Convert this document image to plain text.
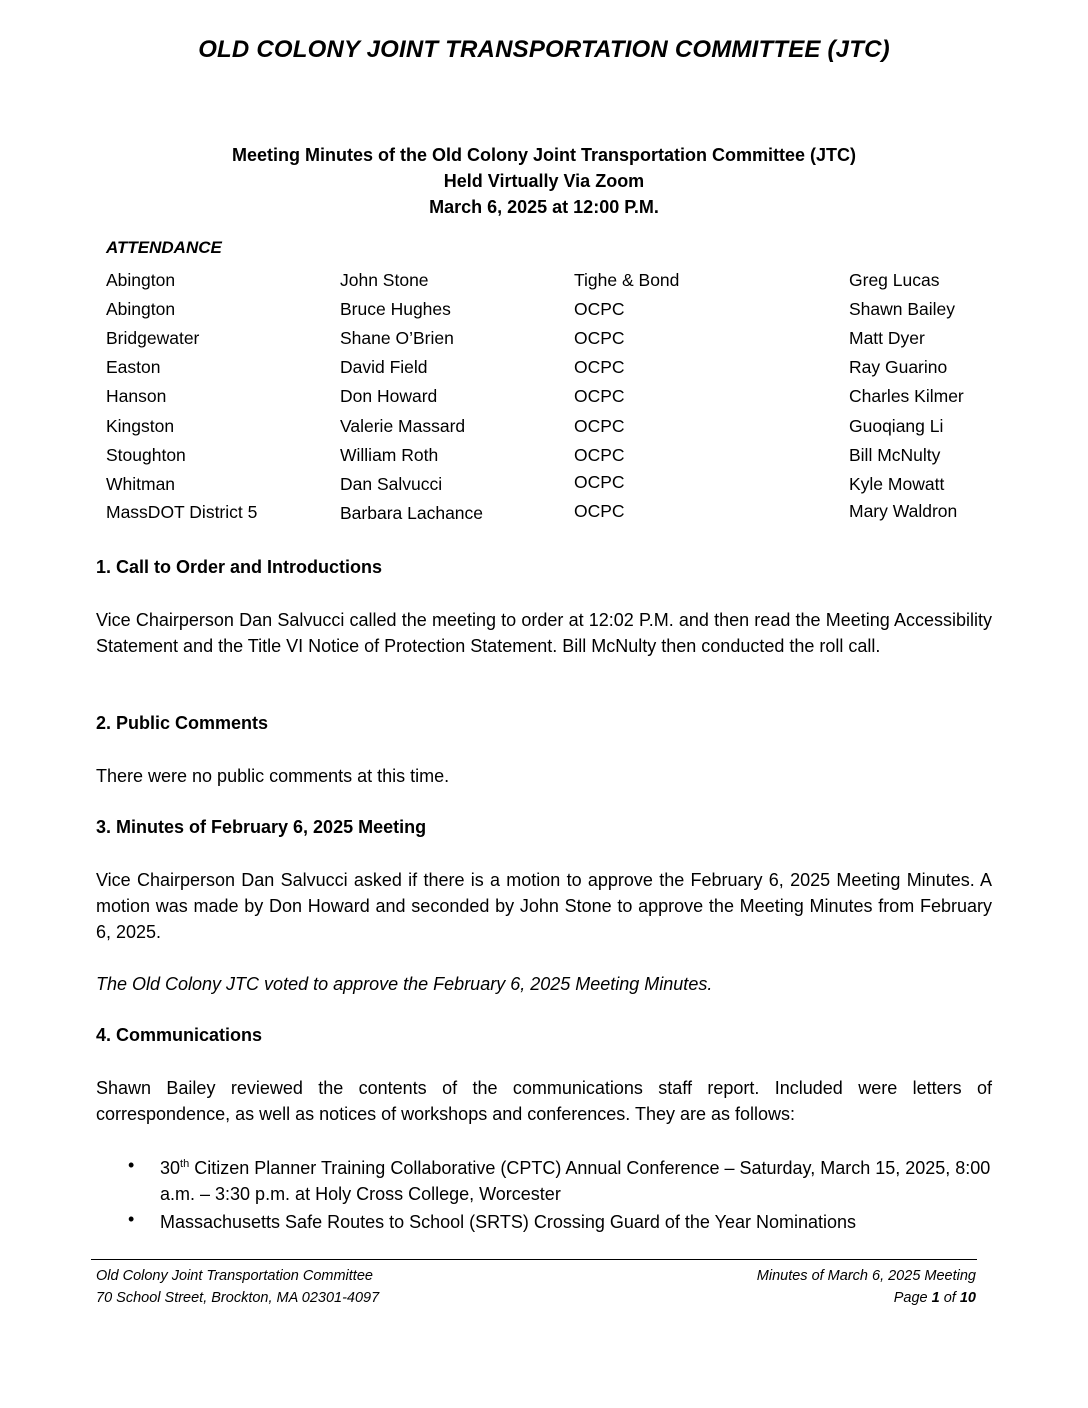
OLD COLONY JOINT TRANSPORTATION COMMITTEE (JTC)
Meeting Minutes of the Old Colony Joint Transportation Committee (JTC)
Held Virtually Via Zoom
March 6, 2025 at 12:00 P.M.
ATTENDANCE
Abington	John Stone	Tighe & Bond	Greg Lucas
Abington	Bruce Hughes	OCPC	Shawn Bailey
Bridgewater	Shane O’Brien	OCPC	Matt Dyer
Easton	David Field	OCPC	Ray Guarino
Hanson	Don Howard	OCPC	Charles Kilmer
Kingston	Valerie Massard	OCPC	Guoqiang Li
Stoughton	William Roth	OCPC	Bill McNulty
Whitman	Dan Salvucci	OCPC	Kyle Mowatt
MassDOT District 5	Barbara Lachance	OCPC	Mary Waldron
1. Call to Order and Introductions

Vice Chairperson Dan Salvucci called the meeting to order at 12:02 P.M. and then read the Meeting Accessibility Statement and the Title VI Notice of Protection Statement. Bill McNulty then conducted the roll call.

2. Public Comments

There were no public comments at this time.

3. Minutes of February 6, 2025 Meeting

Vice Chairperson Dan Salvucci asked if there is a motion to approve the February 6, 2025 Meeting Minutes. A motion was made by Don Howard and seconded by John Stone to approve the Meeting Minutes from February 6, 2025.

The Old Colony JTC voted to approve the February 6, 2025 Meeting Minutes.

4. Communications

Shawn Bailey reviewed the contents of the communications staff report. Included were letters of correspondence, as well as notices of workshops and conferences. They are as follows:

• 30th Citizen Planner Training Collaborative (CPTC) Annual Conference – Saturday, March 15, 2025, 8:00 a.m. – 3:30 p.m. at Holy Cross College, Worcester

• Massachusetts Safe Routes to School (SRTS) Crossing Guard of the Year Nominations

Old Colony Joint Transportation Committee
70 School Street, Brockton, MA 02301-4097
Minutes of March 6, 2025 Meeting
Page 1 of 10
